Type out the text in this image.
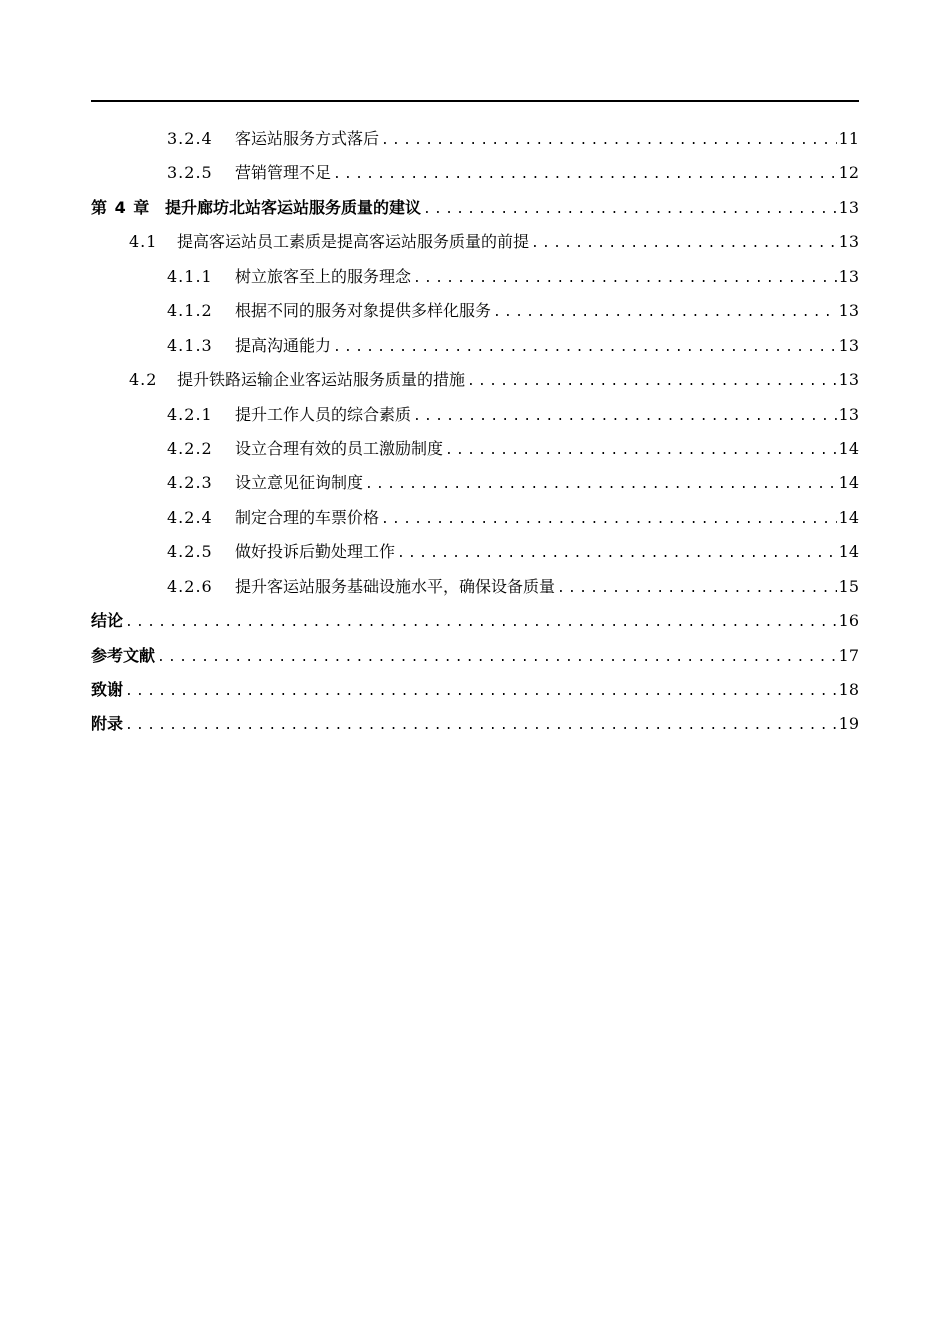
3.2.4	客运站服务方式落后 .....	11
3.2.5	营销管理不足 .....	12
第 4 章 提升廊坊北站客运站服务质量的建议 .....	13
4.1	提高客运站员工素质是提高客运站服务质量的前提 .....	13
4.1.1	树立旅客至上的服务理念 .....	13
4.1.2	根据不同的服务对象提供多样化服务 .....	13
4.1.3	提高沟通能力 .....	13
4.2	提升铁路运输企业客运站服务质量的措施 .....	13
4.2.1	提升工作人员的综合素质 .....	13
4.2.2	设立合理有效的员工激励制度 .....	14
4.2.3	设立意见征询制度 .....	14
4.2.4	制定合理的车票价格 .....	14
4.2.5	做好投诉后勤处理工作 .....	14
4.2.6	提升客运站服务基础设施水平，确保设备质量 .....	15
结论 .....	16
参考文献 .....	17
致谢 .....	18
附录 .....	19
